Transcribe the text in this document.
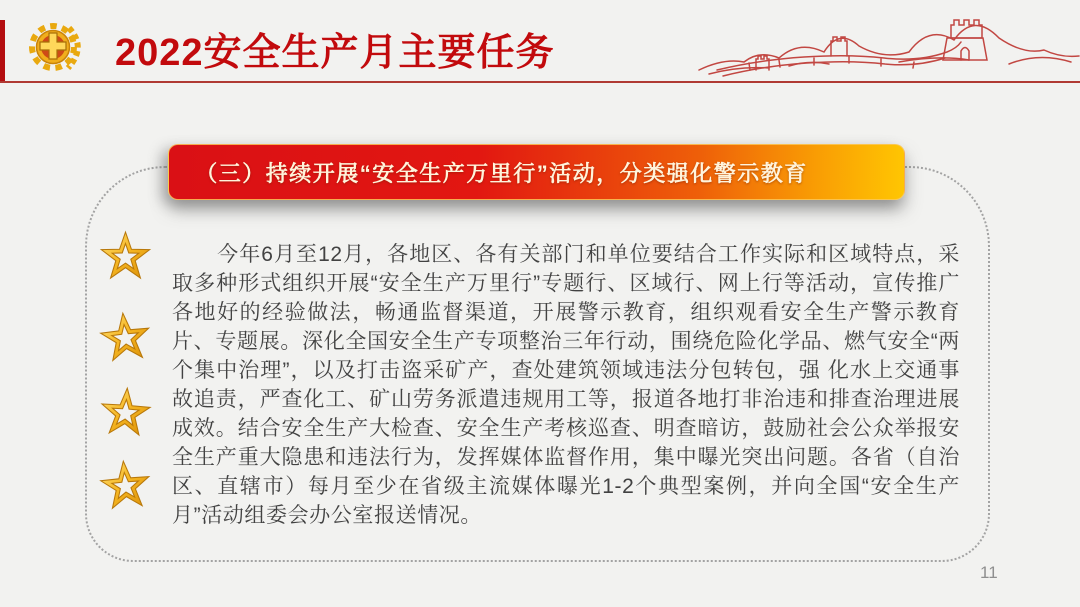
2022安全生产月主要任务
（三）持续开展“安全生产万里行”活动，分类强化警示教育

今年6月至12月，各地区、各有关部门和单位要结合工作实际和区域特点，采取多种形式组织开展“安全生产万里行”专题行、区域行、网上行等活动，宣传推广各地好的经验做法，畅通监督渠道，开展警示教育，组织观看安全生产警示教育片、专题展。深化全国安全生产专项整治三年行动，围绕危险化学品、燃气安全“两个集中治理”，以及打击盗采矿产，查处建筑领域违法分包转包，强 化水上交通事故追责，严查化工、矿山劳务派遣违规用工等，报道各地打非治违和排查治理进展成效。结合安全生产大检查、安全生产考核巡查、明查暗访，鼓励社会公众举报安全生产重大隐患和违法行为，发挥媒体监督作用，集中曝光突出问题。各省（自治区、直辖市）每月至少在省级主流媒体曝光1-2个典型案例，并向全国“安全生产月”活动组委会办公室报送情况。

11
